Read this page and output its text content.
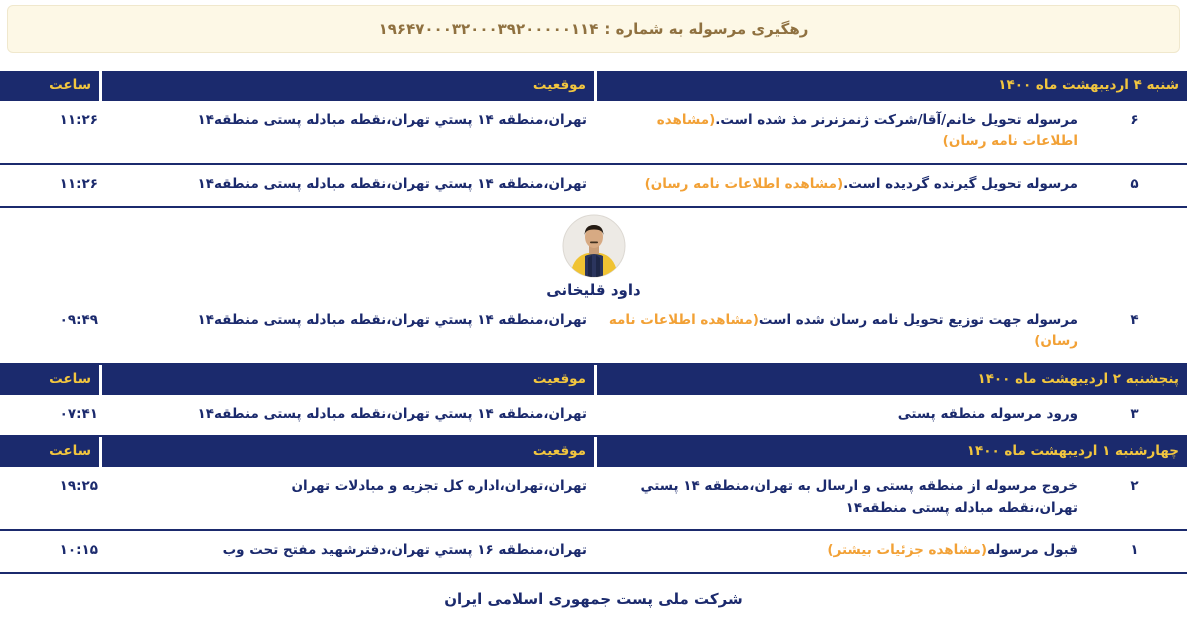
رهگیری مرسوله به شماره :
۱۹۶۴۷۰۰۰۳۲۰۰۰۳۹۲۰۰۰۰۰۱۱۴
شنبه ۴ اردیبهشت ماه ۱۴۰۰
موقعیت
ساعت
۶
مرسوله تحویل خانم/آقا/شرکت ژنمزنرنر مذ شده است.(مشاهده اطلاعات نامه رسان)
تهران،منطقه ۱۴ پستي تهران،نقطه مبادله پستی منطقه۱۴
۱۱:۲۶
۵
مرسوله تحویل گیرنده گردیده است.(مشاهده اطلاعات نامه رسان)
تهران،منطقه ۱۴ پستي تهران،نقطه مبادله پستی منطقه۱۴
۱۱:۲۶
داود قلیخانی
۴
مرسوله جهت توزیع تحویل نامه رسان شده است(مشاهده اطلاعات نامه رسان)
تهران،منطقه ۱۴ پستي تهران،نقطه مبادله پستی منطقه۱۴
۰۹:۴۹
پنجشنبه ۲ اردیبهشت ماه ۱۴۰۰
موقعیت
ساعت
۳
ورود مرسوله منطقه پستی
تهران،منطقه ۱۴ پستي تهران،نقطه مبادله پستی منطقه۱۴
۰۷:۴۱
چهارشنبه ۱ اردیبهشت ماه ۱۴۰۰
موقعیت
ساعت
۲
خروج مرسوله از منطقه پستی و ارسال به تهران،منطقه ۱۴ پستي تهران،نقطه مبادله پستی منطقه۱۴
تهران،تهران،اداره کل تجزیه و مبادلات تهران
۱۹:۲۵
۱
قبول مرسوله(مشاهده جزئیات بیشتر)
تهران،منطقه ۱۶ پستي تهران،دفترشهید مفتح تحت وب
۱۰:۱۵
شرکت ملی پست جمهوری اسلامی ایران
